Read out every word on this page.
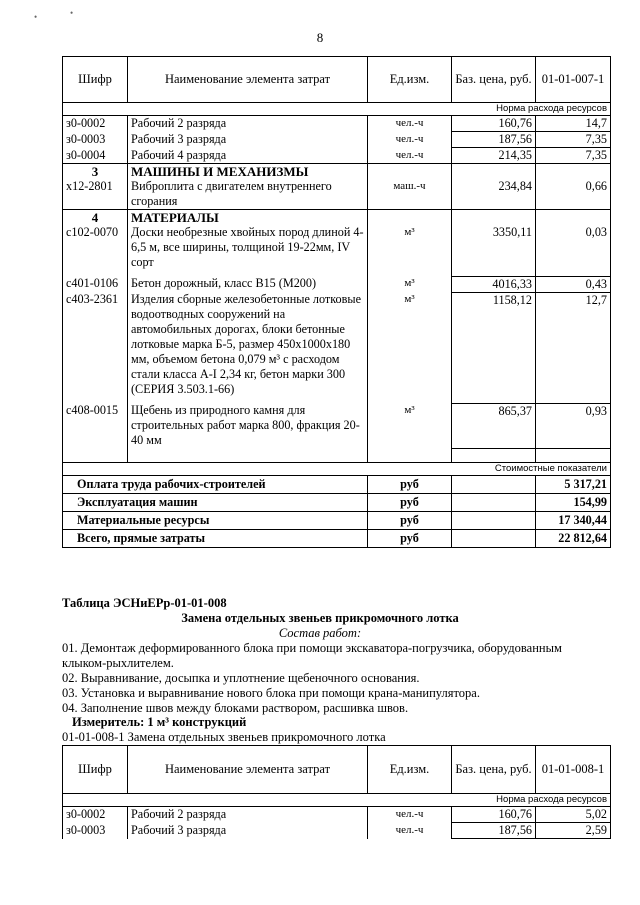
8
•	•
Шифр	Наименование элемента затрат	Ед.изм.	Баз. цена, руб.	01-01-007-1
Норма расхода ресурсов				
з0-0002	Рабочий 2 разряда	чел.-ч	160,76	14,7
з0-0003	Рабочий 3 разряда	чел.-ч	187,56	7,35
з0-0004	Рабочий 4 разряда	чел.-ч	214,35	7,35
3	МАШИНЫ И МЕХАНИЗМЫ			
х12-2801	Виброплита с двигателем внутреннего сгорания	маш.-ч	234,84	0,66
4	МАТЕРИАЛЫ			
с102-0070	Доски необрезные хвойных пород длиной 4-6,5 м, все ширины, толщиной 19-22мм, IV сорт	м³	3350,11	0,03
с401-0106	Бетон дорожный, класс В15 (М200)	м³	4016,33	0,43
с403-2361	Изделия сборные железобетонные лотковые водоотводных сооружений на автомобильных дорогах, блоки бетонные лотковые марка Б-5, размер 450х1000х180 мм, объемом бетона 0,079 м³ с расходом стали класса А-I 2,34 кг, бетон марки 300 (СЕРИЯ 3.503.1-66)	м³	1158,12	12,7
с408-0015	Щебень из природного камня для строительных работ марка 800, фракция 20-40 мм	м³	865,37	0,93

Стоимостные показатели				
Оплата труда рабочих-строителей		руб		5 317,21
Эксплуатация машин		руб		154,99
Материальные ресурсы		руб		17 340,44
Всего, прямые затраты		руб		22 812,64
Таблица ЭСНиЕРр-01-01-008
Замена отдельных звеньев прикромочного лотка
Состав работ:
01. Демонтаж деформированного блока при помощи экскаватора-погрузчика, оборудованным
клыком-рыхлителем.
02. Выравнивание, досыпка и уплотнение щебеночного основания.
03. Установка и выравнивание нового блока при помощи крана-манипулятора.
04. Заполнение швов между блоками раствором, расшивка швов.
Измеритель: 1 м³ конструкций
01-01-008-1 Замена отдельных звеньев прикромочного лотка
Шифр	Наименование элемента затрат	Ед.изм.	Баз. цена, руб.	01-01-008-1
Норма расхода ресурсов				
з0-0002	Рабочий 2 разряда	чел.-ч	160,76	5,02
з0-0003	Рабочий 3 разряда	чел.-ч	187,56	2,59
